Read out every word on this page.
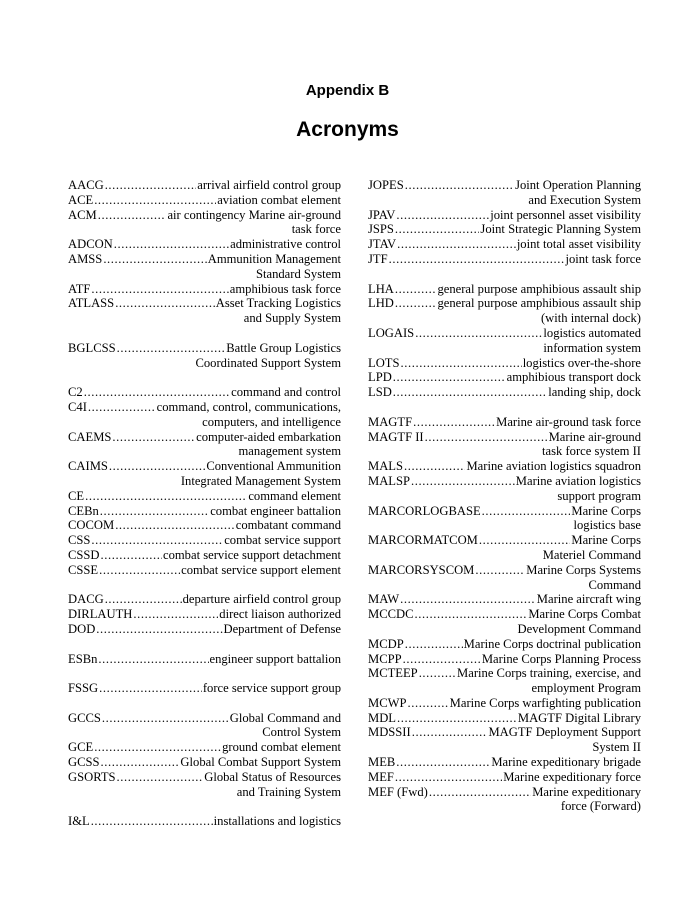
Appendix B
Acronyms
AACG .....	arrival airfield control group
ACE .....	aviation combat element
ACM .....	air contingency Marine air-ground
task force
ADCON .....	administrative control
AMSS .....	Ammunition Management
Standard System
ATF .....	amphibious task force
ATLASS .....	Asset Tracking Logistics
and Supply System
BGLCSS .....	Battle Group Logistics
Coordinated Support System
C2 .....	command and control
C4I .....	command, control, communications,
computers, and intelligence
CAEMS .....	computer-aided embarkation
management system
CAIMS .....	Conventional Ammunition
Integrated Management System
CE .....	command element
CEBn .....	combat engineer battalion
COCOM .....	combatant command
CSS .....	combat service support
CSSD .....	combat service support detachment
CSSE .....	combat service support element
DACG .....	departure airfield control group
DIRLAUTH .....	direct liaison authorized
DOD .....	Department of Defense
ESBn .....	engineer support battalion
FSSG .....	force service support group
GCCS .....	Global Command and
Control System
GCE .....	ground combat element
GCSS .....	Global Combat Support System
GSORTS .....	Global Status of Resources
and Training System
I&L .....	installations and logistics
JOPES .....	Joint Operation Planning
and Execution System
JPAV .....	joint personnel asset visibility
JSPS .....	Joint Strategic Planning System
JTAV .....	joint total asset visibility
JTF .....	joint task force
LHA .....	general purpose amphibious assault ship
LHD .....	general purpose amphibious assault ship
(with internal dock)
LOGAIS .....	logistics automated
information system
LOTS .....	logistics over-the-shore
LPD .....	amphibious transport dock
LSD .....	landing ship, dock
MAGTF .....	Marine air-ground task force
MAGTF II .....	Marine air-ground
task force system II
MALS .....	Marine aviation logistics squadron
MALSP .....	Marine aviation logistics
support program
MARCORLOGBASE .....	Marine Corps
logistics base
MARCORMATCOM .....	Marine Corps
Materiel Command
MARCORSYSCOM .....	Marine Corps Systems
Command
MAW .....	Marine aircraft wing
MCCDC .....	Marine Corps Combat
Development Command
MCDP .....	Marine Corps doctrinal publication
MCPP .....	Marine Corps Planning Process
MCTEEP .....	Marine Corps training, exercise, and
employment Program
MCWP .....	Marine Corps warfighting publication
MDL .....	MAGTF Digital Library
MDSSII .....	MAGTF Deployment Support
System II
MEB .....	Marine expeditionary brigade
MEF .....	Marine expeditionary force
MEF (Fwd) .....	Marine expeditionary
force (Forward)
